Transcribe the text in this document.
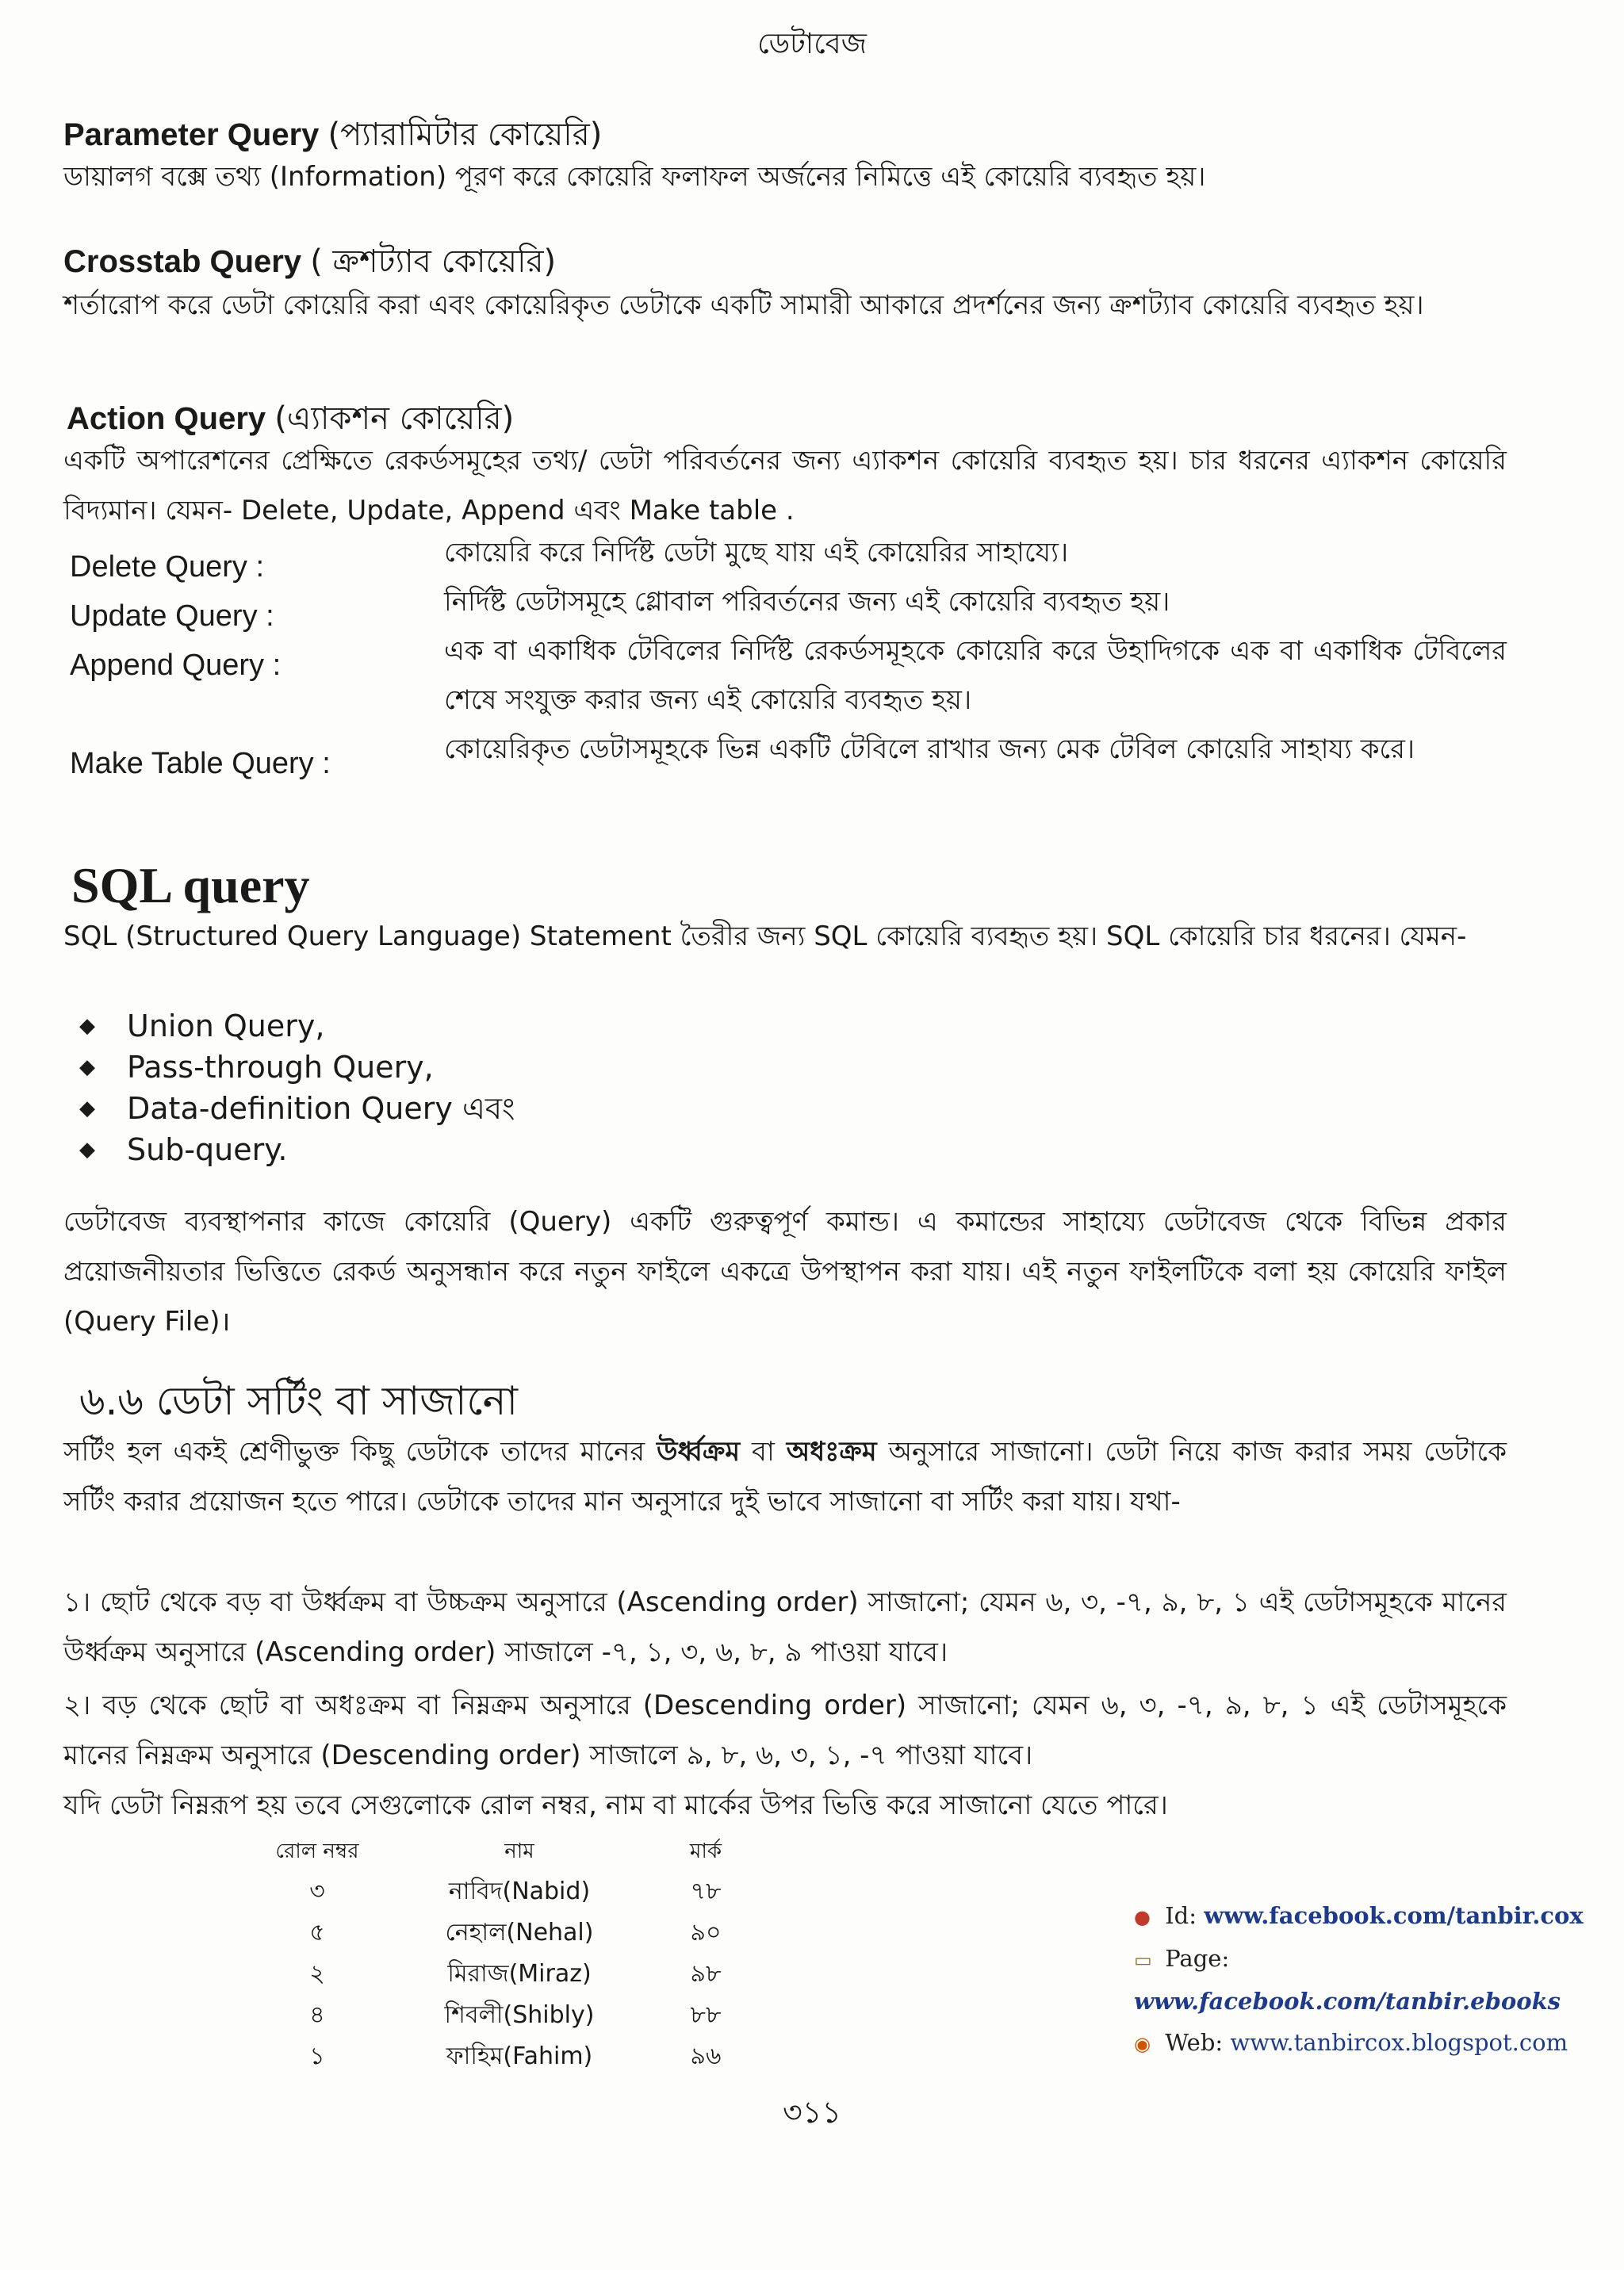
ডেটাবেজ
Parameter Query (প্যারামিটার কোয়েরি)

ডায়ালগ বক্সে তথ্য (Information) পূরণ করে কোয়েরি ফলাফল অর্জনের নিমিত্তে এই কোয়েরি ব্যবহৃত হয়।

Crosstab Query ( ক্রশট্যাব কোয়েরি)

শর্তারোপ করে ডেটা কোয়েরি করা এবং কোয়েরিকৃত ডেটাকে একটি সামারী আকারে প্রদর্শনের জন্য ক্রশট্যাব কোয়েরি ব্যবহৃত হয়।

Action Query (এ্যাকশন কোয়েরি)

একটি অপারেশনের প্রেক্ষিতে রেকর্ডসমূহের তথ্য/ ডেটা পরিবর্তনের জন্য এ্যাকশন কোয়েরি ব্যবহৃত হয়। চার ধরনের এ্যাকশন কোয়েরি বিদ্যমান। যেমন- Delete, Update, Append এবং Make table .

Delete Query :	কোয়েরি করে নির্দিষ্ট ডেটা মুছে যায় এই কোয়েরির সাহায্যে।
Update Query :	নির্দিষ্ট ডেটাসমূহে গ্লোবাল পরিবর্তনের জন্য এই কোয়েরি ব্যবহৃত হয়।
Append Query :	এক বা একাধিক টেবিলের নির্দিষ্ট রেকর্ডসমূহকে কোয়েরি করে উহাদিগকে এক বা একাধিক টেবিলের শেষে সংযুক্ত করার জন্য এই কোয়েরি ব্যবহৃত হয়।
Make Table Query :	কোয়েরিকৃত ডেটাসমূহকে ভিন্ন একটি টেবিলে রাখার জন্য মেক টেবিল কোয়েরি সাহায্য করে।
SQL query

SQL (Structured Query Language) Statement তৈরীর জন্য SQL কোয়েরি ব্যবহৃত হয়। SQL কোয়েরি চার ধরনের। যেমন-

◆	Union Query,
◆	Pass-through Query,
◆	Data-definition Query এবং
◆	Sub-query.

ডেটাবেজ ব্যবস্থাপনার কাজে কোয়েরি (Query) একটি গুরুত্বপূর্ণ কমান্ড। এ কমান্ডের সাহায্যে ডেটাবেজ থেকে বিভিন্ন প্রকার প্রয়োজনীয়তার ভিত্তিতে রেকর্ড অনুসন্ধান করে নতুন ফাইলে একত্রে উপস্থাপন করা যায়। এই নতুন ফাইলটিকে বলা হয় কোয়েরি ফাইল (Query File)।

৬.৬ ডেটা সর্টিং বা সাজানো

সর্টিং হল একই শ্রেণীভুক্ত কিছু ডেটাকে তাদের মানের উর্ধ্বক্রম বা অধঃক্রম অনুসারে সাজানো। ডেটা নিয়ে কাজ করার সময় ডেটাকে সর্টিং করার প্রয়োজন হতে পারে। ডেটাকে তাদের মান অনুসারে দুই ভাবে সাজানো বা সর্টিং করা যায়। যথা-

১। ছোট থেকে বড় বা উর্ধ্বক্রম বা উচ্চক্রম অনুসারে (Ascending order) সাজানো; যেমন ৬, ৩, -৭, ৯, ৮, ১ এই ডেটাসমূহকে মানের উর্ধ্বক্রম অনুসারে (Ascending order) সাজালে -৭, ১, ৩, ৬, ৮, ৯ পাওয়া যাবে।

২। বড় থেকে ছোট বা অধঃক্রম বা নিম্নক্রম অনুসারে (Descending order) সাজানো; যেমন ৬, ৩, -৭, ৯, ৮, ১ এই ডেটাসমূহকে মানের নিম্নক্রম অনুসারে (Descending order) সাজালে ৯, ৮, ৬, ৩, ১, -৭ পাওয়া যাবে।

যদি ডেটা নিম্নরূপ হয় তবে সেগুলোকে রোল নম্বর, নাম বা মার্কের উপর ভিত্তি করে সাজানো যেতে পারে।

রোল নম্বর	নাম	মার্ক
৩	নাবিদ(Nabid)	৭৮
৫	নেহাল(Nehal)	৯০
২	মিরাজ(Miraz)	৯৮
৪	শিবলী(Shibly)	৮৮
১	ফাহিম(Fahim)	৯৬
● Id: www.facebook.com/tanbir.cox
▭ Page: www.facebook.com/tanbir.ebooks
◉ Web: www.tanbircox.blogspot.com
৩১১
